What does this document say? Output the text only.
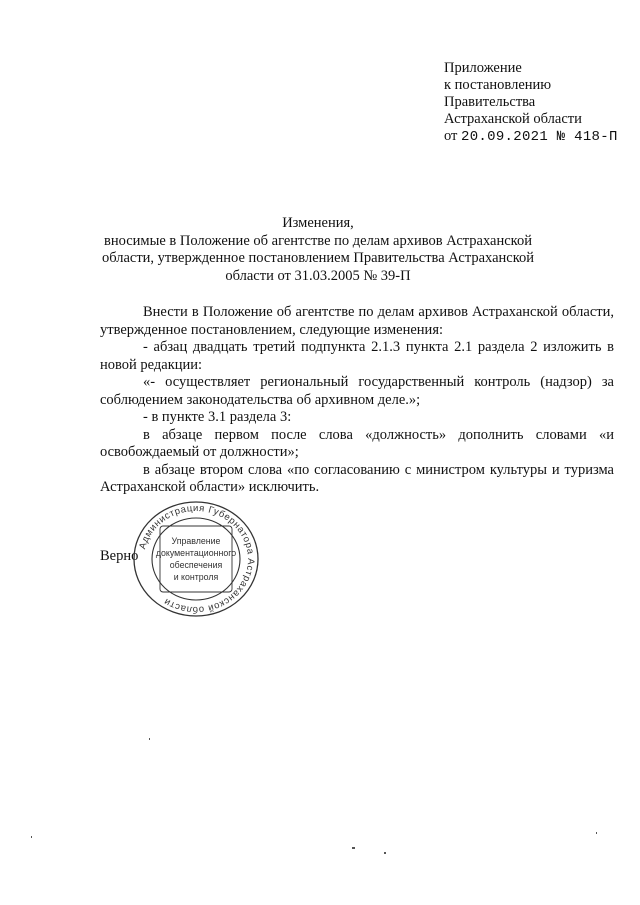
Приложение
к постановлению
Правительства
Астраханской области
от 20.09.2021 № 418-П
Изменения,
вносимые в Положение об агентстве по делам архивов Астраханской
области, утвержденное постановлением Правительства Астраханской
области от 31.03.2005 № 39-П

Внести в Положение об агентстве по делам архивов Астраханской области, утвержденное постановлением, следующие изменения:

- абзац двадцать третий подпункта 2.1.3 пункта 2.1 раздела 2 изложить в новой редакции:

«- осуществляет региональный государственный контроль (надзор) за соблюдением законодательства об архивном деле.»;

- в пункте 3.1 раздела 3:

в абзаце первом после слова «должность» дополнить словами «и освобождаемый от должности»;

в абзаце втором слова «по согласованию с министром культуры и туризма Астраханской области» исключить.

Верно
Администрация Губернатора Астраханской области
Управление
документационного
обеспечения
и контроля
